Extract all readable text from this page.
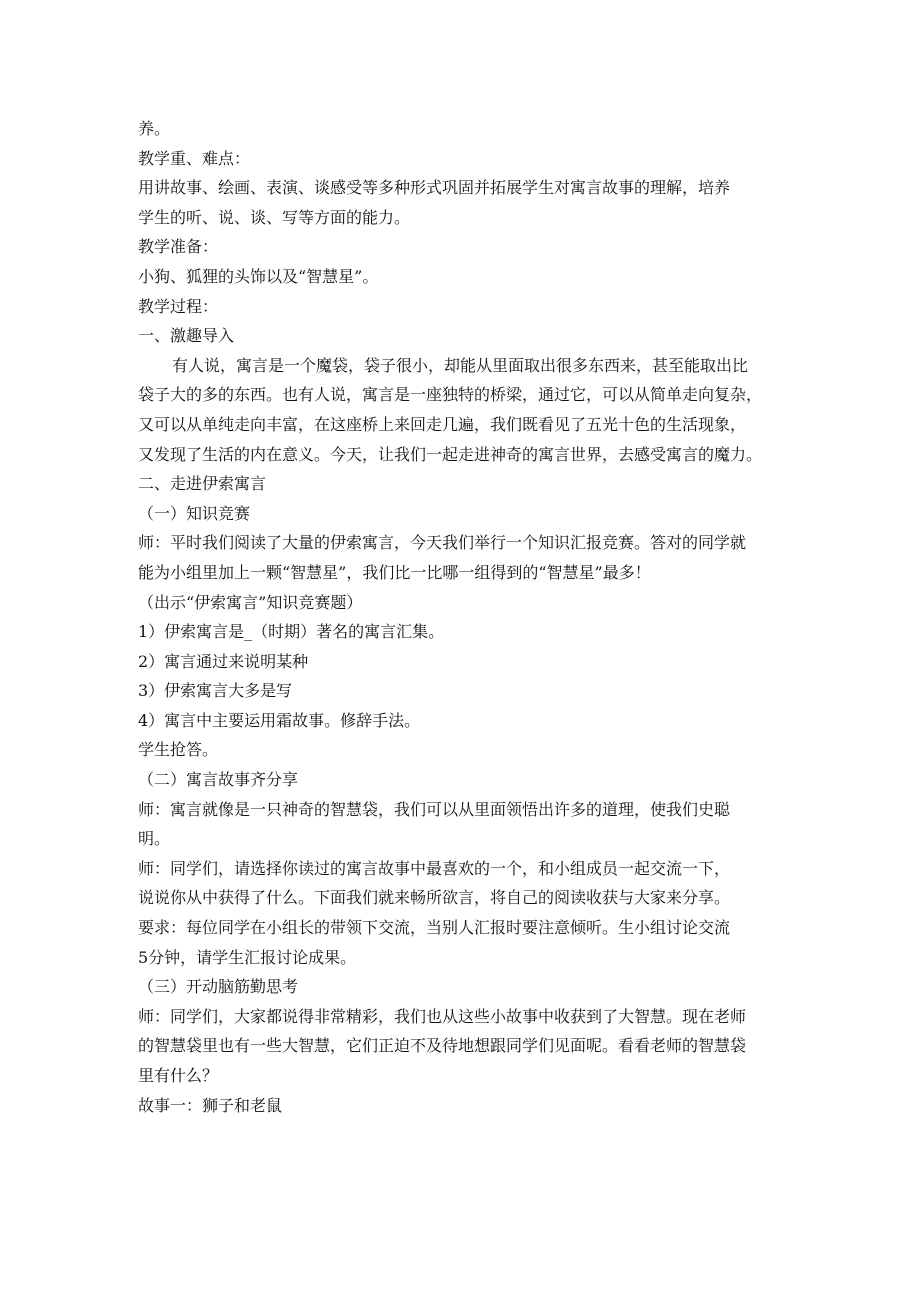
养。

教学重、难点：

用讲故事、绘画、表演、谈感受等多种形式巩固并拓展学生对寓言故事的理解，培养

学生的听、说、谈、写等方面的能力。

教学准备：

小狗、狐狸的头饰以及“智慧星”。

教学过程：

一、激趣导入

有人说，寓言是一个魔袋，袋子很小，却能从里面取出很多东西来，甚至能取出比

袋子大的多的东西。也有人说，寓言是一座独特的桥梁，通过它，可以从简单走向复杂，

又可以从单纯走向丰富，在这座桥上来回走几遍，我们既看见了五光十色的生活现象，

又发现了生活的内在意义。今天，让我们一起走进神奇的寓言世界，去感受寓言的魔力。

二、走进伊索寓言

（一）知识竞赛

师：平时我们阅读了大量的伊索寓言，今天我们举行一个知识汇报竞赛。答对的同学就

能为小组里加上一颗“智慧星”，我们比一比哪一组得到的“智慧星”最多！

（出示“伊索寓言”知识竞赛题）

1）伊索寓言是_（时期）著名的寓言汇集。

2）寓言通过来说明某种

3）伊索寓言大多是写

4）寓言中主要运用霜故事。修辞手法。

学生抢答。

（二）寓言故事齐分享

师：寓言就像是一只神奇的智慧袋，我们可以从里面领悟出许多的道理，使我们史聪

明。

师：同学们，请选择你读过的寓言故事中最喜欢的一个，和小组成员一起交流一下，

说说你从中获得了什么。下面我们就来畅所欲言，将自己的阅读收获与大家来分享。

要求：每位同学在小组长的带领下交流，当别人汇报时要注意倾听。生小组讨论交流

5分钟，请学生汇报讨论成果。

（三）开动脑筋勤思考

师：同学们，大家都说得非常精彩，我们也从这些小故事中收获到了大智慧。现在老师

的智慧袋里也有一些大智慧，它们正迫不及待地想跟同学们见面呢。看看老师的智慧袋

里有什么？

故事一：狮子和老鼠
